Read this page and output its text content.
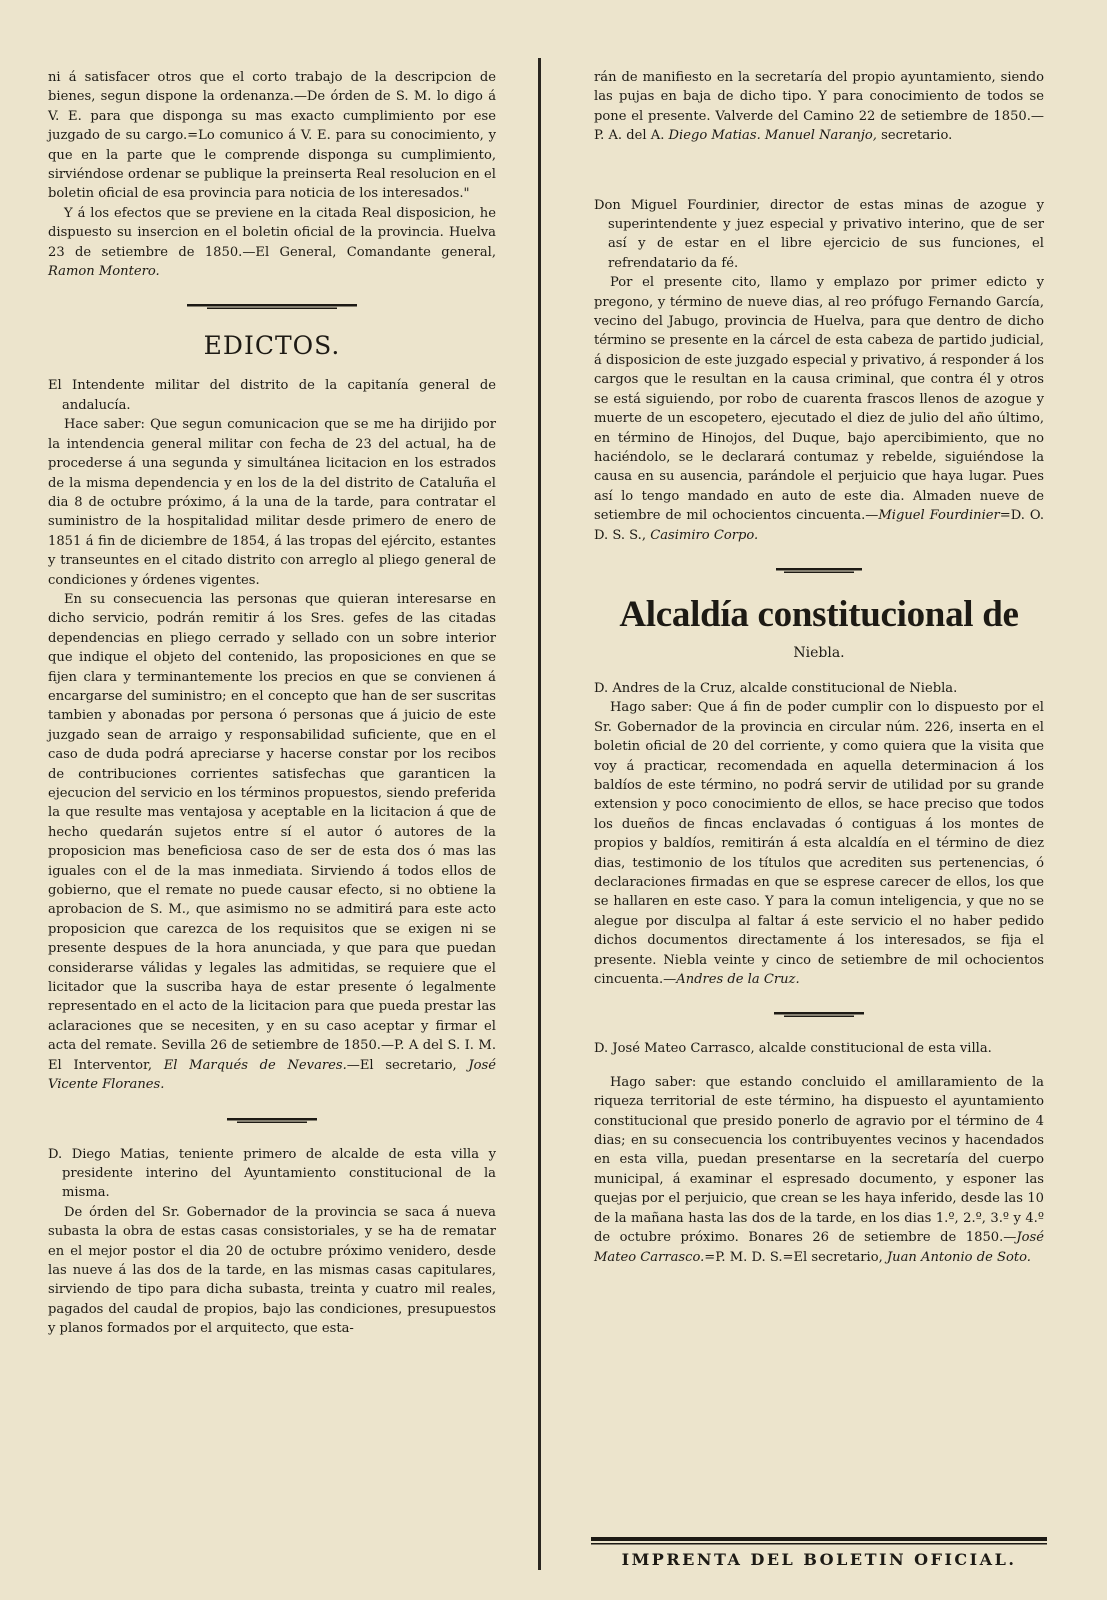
ni á satisfacer otros que el corto trabajo de la descripcion de bienes, segun dispone la ordenanza.—De órden de S. M. lo digo á V. E. para que disponga su mas exacto cumplimiento por ese juzgado de su cargo.=Lo comunico á V. E. para su conocimiento, y que en la parte que le comprende disponga su cumplimiento, sirviéndose ordenar se publique la preinserta Real resolucion en el boletin oficial de esa provincia para noticia de los interesados."

Y á los efectos que se previene en la citada Real disposicion, he dispuesto su insercion en el boletin oficial de la provincia. Huelva 23 de setiembre de 1850.—El General, Comandante general, Ramon Montero.

EDICTOS.

El Intendente militar del distrito de la capitanía general de andalucía.

Hace saber: Que segun comunicacion que se me ha dirijido por la intendencia general militar con fecha de 23 del actual, ha de procederse á una segunda y simultánea licitacion en los estrados de la misma dependencia y en los de la del distrito de Cataluña el dia 8 de octubre próximo, á la una de la tarde, para contratar el suministro de la hospitalidad militar desde primero de enero de 1851 á fin de diciembre de 1854, á las tropas del ejército, estantes y transeuntes en el citado distrito con arreglo al pliego general de condiciones y órdenes vigentes.

En su consecuencia las personas que quieran interesarse en dicho servicio, podrán remitir á los Sres. gefes de las citadas dependencias en pliego cerrado y sellado con un sobre interior que indique el objeto del contenido, las proposiciones en que se fijen clara y terminantemente los precios en que se convienen á encargarse del suministro; en el concepto que han de ser suscritas tambien y abonadas por persona ó personas que á juicio de este juzgado sean de arraigo y responsabilidad suficiente, que en el caso de duda podrá apreciarse y hacerse constar por los recibos de contribuciones corrientes satisfechas que garanticen la ejecucion del servicio en los términos propuestos, siendo preferida la que resulte mas ventajosa y aceptable en la licitacion á que de hecho quedarán sujetos entre sí el autor ó autores de la proposicion mas beneficiosa caso de ser de esta dos ó mas las iguales con el de la mas inmediata. Sirviendo á todos ellos de gobierno, que el remate no puede causar efecto, si no obtiene la aprobacion de S. M., que asimismo no se admitirá para este acto proposicion que carezca de los requisitos que se exigen ni se presente despues de la hora anunciada, y que para que puedan considerarse válidas y legales las admitidas, se requiere que el licitador que la suscriba haya de estar presente ó legalmente representado en el acto de la licitacion para que pueda prestar las aclaraciones que se necesiten, y en su caso aceptar y firmar el acta del remate. Sevilla 26 de setiembre de 1850.—P. A del S. I. M. El Interventor, El Marqués de Nevares.—El secretario, José Vicente Floranes.

D. Diego Matias, teniente primero de alcalde de esta villa y presidente interino del Ayuntamiento constitucional de la misma.

De órden del Sr. Gobernador de la provincia se saca á nueva subasta la obra de estas casas consistoriales, y se ha de rematar en el mejor postor el dia 20 de octubre próximo venidero, desde las nueve á las dos de la tarde, en las mismas casas capitulares, sirviendo de tipo para dicha subasta, treinta y cuatro mil reales, pagados del caudal de propios, bajo las condiciones, presupuestos y planos formados por el arquitecto, que esta-

rán de manifiesto en la secretaría del propio ayuntamiento, siendo las pujas en baja de dicho tipo. Y para conocimiento de todos se pone el presente. Valverde del Camino 22 de setiembre de 1850.—P. A. del A. Diego Matias. Manuel Naranjo, secretario.

Don Miguel Fourdinier, director de estas minas de azogue y superintendente y juez especial y privativo interino, que de ser así y de estar en el libre ejercicio de sus funciones, el refrendatario da fé.

Por el presente cito, llamo y emplazo por primer edicto y pregono, y término de nueve dias, al reo prófugo Fernando García, vecino del Jabugo, provincia de Huelva, para que dentro de dicho término se presente en la cárcel de esta cabeza de partido judicial, á disposicion de este juzgado especial y privativo, á responder á los cargos que le resultan en la causa criminal, que contra él y otros se está siguiendo, por robo de cuarenta frascos llenos de azogue y muerte de un escopetero, ejecutado el diez de julio del año último, en término de Hinojos, del Duque, bajo apercibimiento, que no haciéndolo, se le declarará contumaz y rebelde, siguiéndose la causa en su ausencia, parándole el perjuicio que haya lugar. Pues así lo tengo mandado en auto de este dia. Almaden nueve de setiembre de mil ochocientos cincuenta.—Miguel Fourdinier=D. O. D. S. S., Casimiro Corpo.

Alcaldía constitucional de
Niebla.

D. Andres de la Cruz, alcalde constitucional de Niebla.

Hago saber: Que á fin de poder cumplir con lo dispuesto por el Sr. Gobernador de la provincia en circular núm. 226, inserta en el boletin oficial de 20 del corriente, y como quiera que la visita que voy á practicar, recomendada en aquella determinacion á los baldíos de este término, no podrá servir de utilidad por su grande extension y poco conocimiento de ellos, se hace preciso que todos los dueños de fincas enclavadas ó contiguas á los montes de propios y baldíos, remitirán á esta alcaldía en el término de diez dias, testimonio de los títulos que acrediten sus pertenencias, ó declaraciones firmadas en que se esprese carecer de ellos, los que se hallaren en este caso. Y para la comun inteligencia, y que no se alegue por disculpa al faltar á este servicio el no haber pedido dichos documentos directamente á los interesados, se fija el presente. Niebla veinte y cinco de setiembre de mil ochocientos cincuenta.—Andres de la Cruz.

D. José Mateo Carrasco, alcalde constitucional de esta villa.

Hago saber: que estando concluido el amillaramiento de la riqueza territorial de este término, ha dispuesto el ayuntamiento constitucional que presido ponerlo de agravio por el término de 4 dias; en su consecuencia los contribuyentes vecinos y hacendados en esta villa, puedan presentarse en la secretaría del cuerpo municipal, á examinar el espresado documento, y esponer las quejas por el perjuicio, que crean se les haya inferido, desde las 10 de la mañana hasta las dos de la tarde, en los dias 1.º, 2.º, 3.º y 4.º de octubre próximo. Bonares 26 de setiembre de 1850.—José Mateo Carrasco.=P. M. D. S.=El secretario, Juan Antonio de Soto.

IMPRENTA DEL BOLETIN OFICIAL.
